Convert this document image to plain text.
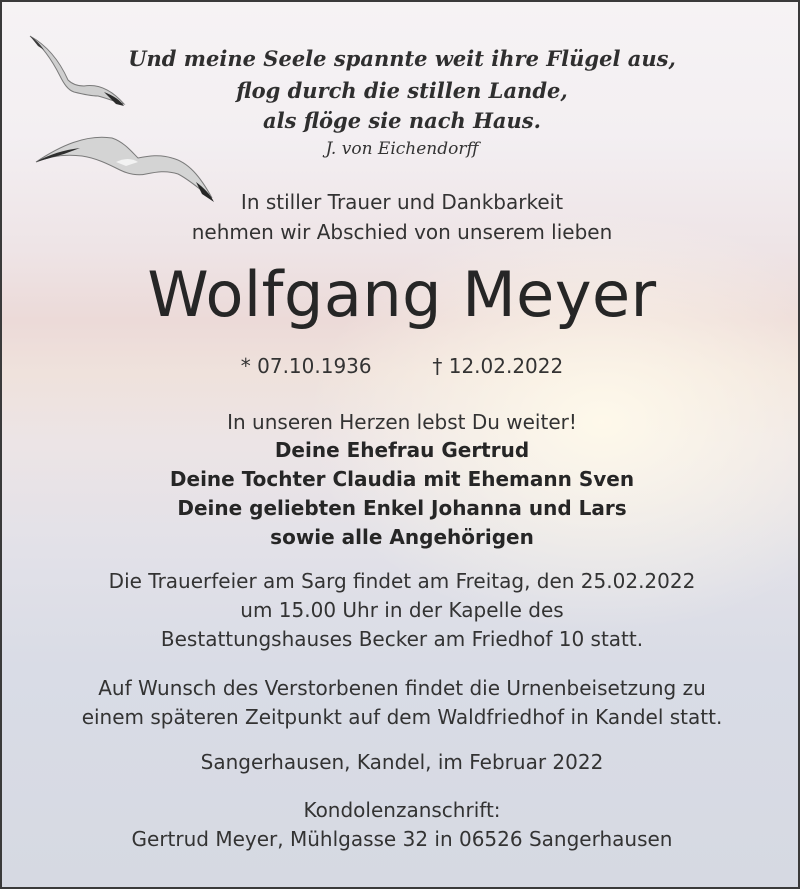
Und meine Seele spannte weit ihre Flügel aus,
flog durch die stillen Lande,
als flöge sie nach Haus.
J. von Eichendorff
In stiller Trauer und Dankbarkeit
nehmen wir Abschied von unserem lieben
Wolfgang Meyer
* 07.10.1936	† 12.02.2022
In unseren Herzen lebst Du weiter!
Deine Ehefrau Gertrud
Deine Tochter Claudia mit Ehemann Sven
Deine geliebten Enkel Johanna und Lars
sowie alle Angehörigen
Die Trauerfeier am Sarg findet am Freitag, den 25.02.2022
um 15.00 Uhr in der Kapelle des
Bestattungshauses Becker am Friedhof 10 statt.
Auf Wunsch des Verstorbenen findet die Urnenbeisetzung zu
einem späteren Zeitpunkt auf dem Waldfriedhof in Kandel statt.
Sangerhausen, Kandel, im Februar 2022
Kondolenzanschrift:
Gertrud Meyer, Mühlgasse 32 in 06526 Sangerhausen
